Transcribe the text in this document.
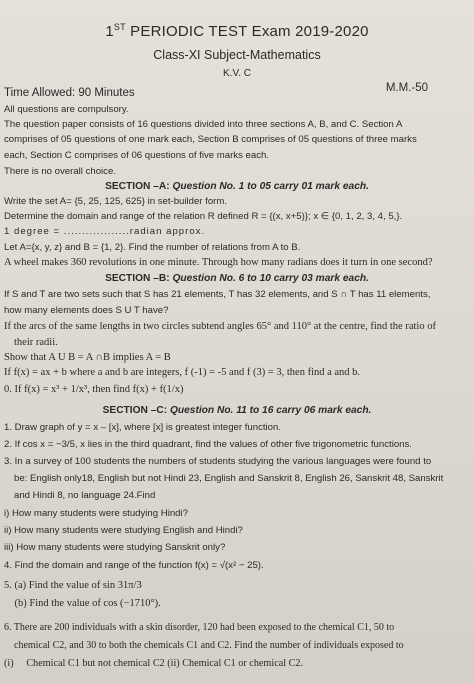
1ST PERIODIC TEST Exam 2019-2020
Class-XI Subject-Mathematics
K.V. C
Time Allowed: 90 Minutes	M.M.-50
All questions are compulsory.
The question paper consists of 16 questions divided into three sections A, B, and C. Section A
comprises of 05 questions of one mark each, Section B comprises of 05 questions of three marks
each, Section C comprises of 06 questions of five marks each.
There is no overall choice.
SECTION –A: Question No. 1 to 05 carry 01 mark each.
Write the set A= {5, 25, 125, 625} in set-builder form.
Determine the domain and range of the relation R defined R = {(x, x+5)}; x ∈ {0, 1, 2, 3, 4, 5,}.
1 degree = ..................radian approx.
Let A={x, y, z} and B = {1, 2}. Find the number of relations from A to B.
A wheel makes 360 revolutions in one minute. Through how many radians does it turn in one second?
SECTION –B: Question No. 6 to 10 carry 03 mark each.
If S and T are two sets such that S has 21 elements, T has 32 elements, and S ∩ T has 11 elements,
how many elements does S U T have?
If the arcs of the same lengths in two circles subtend angles 65° and 110° at the centre, find the ratio of
their radii.
Show that A U B = A ∩B implies A = B
If f(x) = ax + b where a and b are integers, f (-1) = -5 and f (3) = 3, then find a and b.
0. If f(x) = x³ + 1/x³, then find f(x) + f(1/x)
SECTION –C: Question No. 11 to 16 carry 06 mark each.
1. Draw graph of y = x – [x], where [x] is greatest integer function.
2. If cos x = −3/5, x lies in the third quadrant, find the values of other five trigonometric functions.
3. In a survey of 100 students the numbers of students studying the various languages were found to
be: English only18, English but not Hindi 23, English and Sanskrit 8, English 26, Sanskrit 48, Sanskrit
and Hindi 8, no language 24.Find
i) How many students were studying Hindi?
ii) How many students were studying English and Hindi?
iii) How many students were studying Sanskrit only?
4. Find the domain and range of the function f(x) = √(x² − 25).
5. (a) Find the value of sin 31π/3
(b) Find the value of cos (−1710°).
6. There are 200 individuals with a skin disorder, 120 had been exposed to the chemical C1, 50 to
chemical C2, and 30 to both the chemicals C1 and C2. Find the number of individuals exposed to
(i)     Chemical C1 but not chemical C2 (ii) Chemical C1 or chemical C2.
